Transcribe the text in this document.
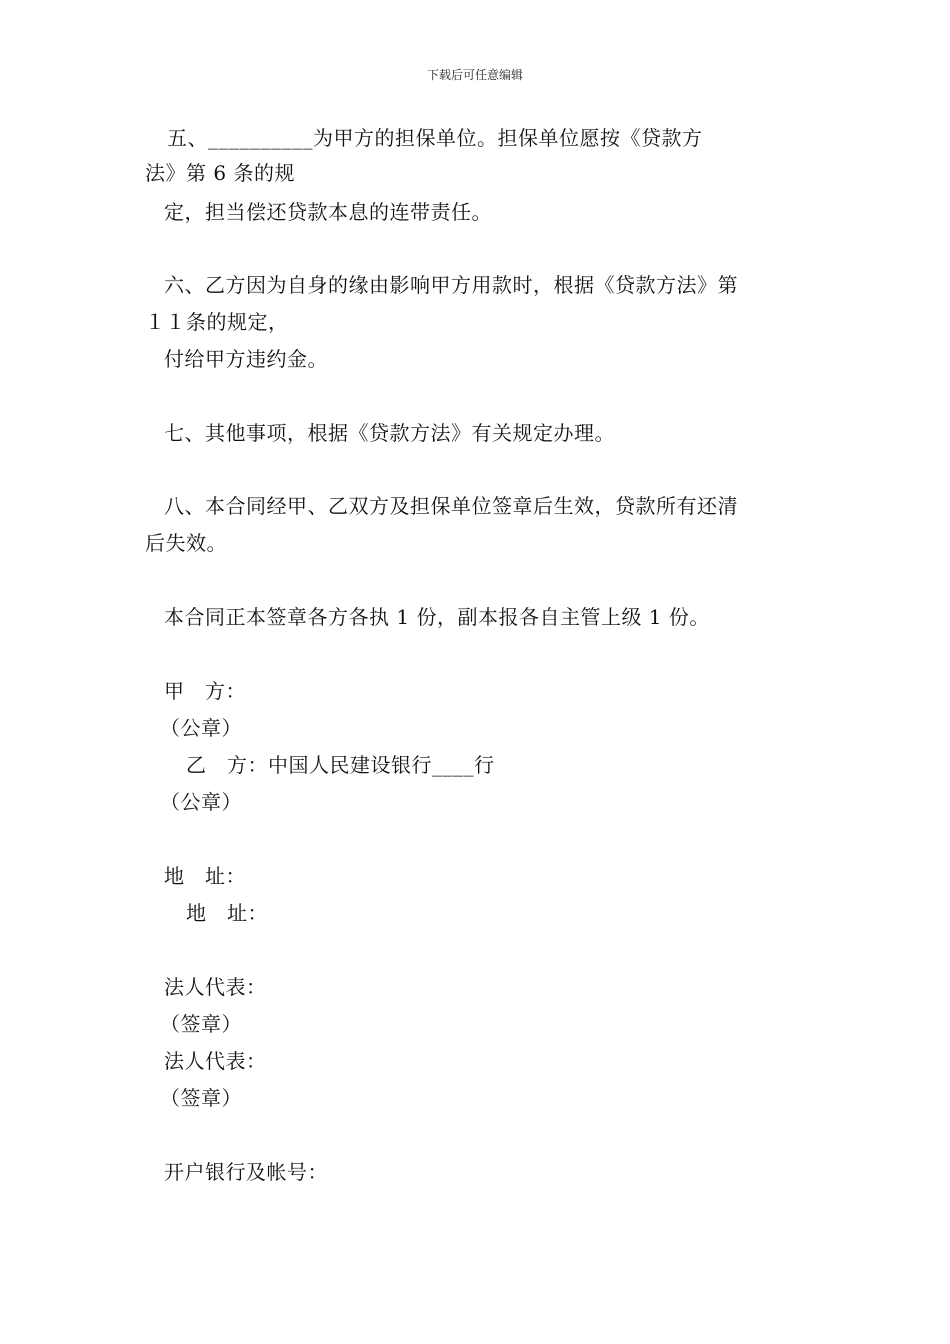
下载后可任意编辑
五、__________为甲方的担保单位。担保单位愿按《贷款方
法》第 6 条的规
定，担当偿还贷款本息的连带责任。
六、乙方因为自身的缘由影响甲方用款时，根据《贷款方法》第
１１条的规定，
付给甲方违约金。
七、其他事项，根据《贷款方法》有关规定办理。
八、本合同经甲、乙双方及担保单位签章后生效，贷款所有还清
后失效。
本合同正本签章各方各执 1 份，副本报各自主管上级 1 份。
甲　方：
（公章）
乙　方：中国人民建设银行____行
（公章）
地　址：
地　址：
法人代表：
（签章）
法人代表：
（签章）
开户银行及帐号：
